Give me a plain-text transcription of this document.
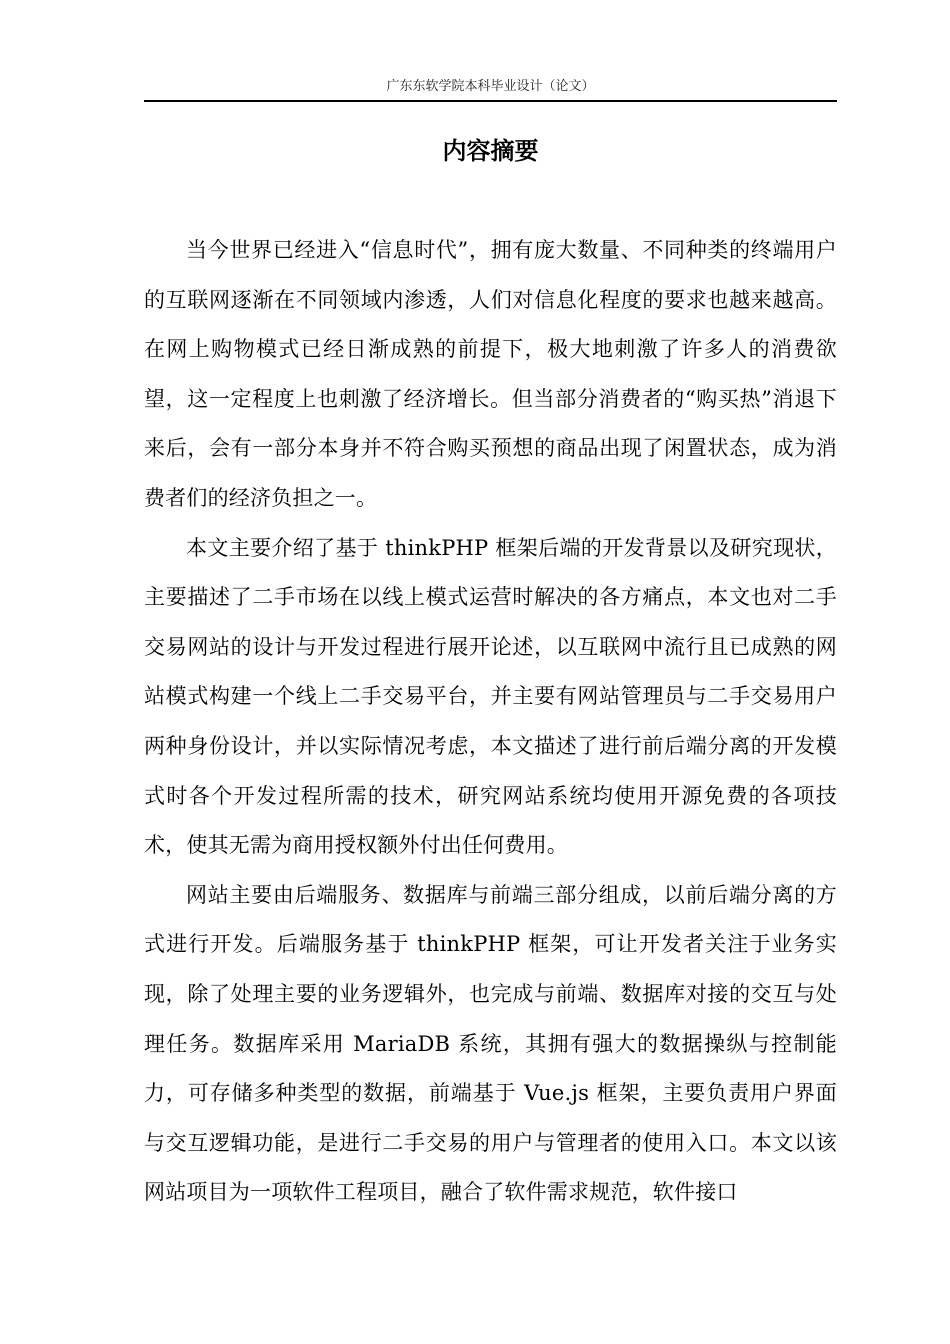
广东东软学院本科毕业设计（论文）
内容摘要

当今世界已经进入“信息时代”，拥有庞大数量、不同种类的终端用户的互联网逐渐在不同领域内渗透，人们对信息化程度的要求也越来越高。在网上购物模式已经日渐成熟的前提下，极大地刺激了许多人的消费欲望，这一定程度上也刺激了经济增长。但当部分消费者的“购买热”消退下来后，会有一部分本身并不符合购买预想的商品出现了闲置状态，成为消费者们的经济负担之一。

本文主要介绍了基于 thinkPHP 框架后端的开发背景以及研究现状，主要描述了二手市场在以线上模式运营时解决的各方痛点，本文也对二手交易网站的设计与开发过程进行展开论述，以互联网中流行且已成熟的网站模式构建一个线上二手交易平台，并主要有网站管理员与二手交易用户两种身份设计，并以实际情况考虑，本文描述了进行前后端分离的开发模式时各个开发过程所需的技术，研究网站系统均使用开源免费的各项技术，使其无需为商用授权额外付出任何费用。

网站主要由后端服务、数据库与前端三部分组成，以前后端分离的方式进行开发。后端服务基于 thinkPHP 框架，可让开发者关注于业务实现，除了处理主要的业务逻辑外，也完成与前端、数据库对接的交互与处理任务。数据库采用 MariaDB 系统，其拥有强大的数据操纵与控制能力，可存储多种类型的数据，前端基于 Vue.js 框架，主要负责用户界面与交互逻辑功能，是进行二手交易的用户与管理者的使用入口。本文以该网站项目为一项软件工程项目，融合了软件需求规范，软件接口
